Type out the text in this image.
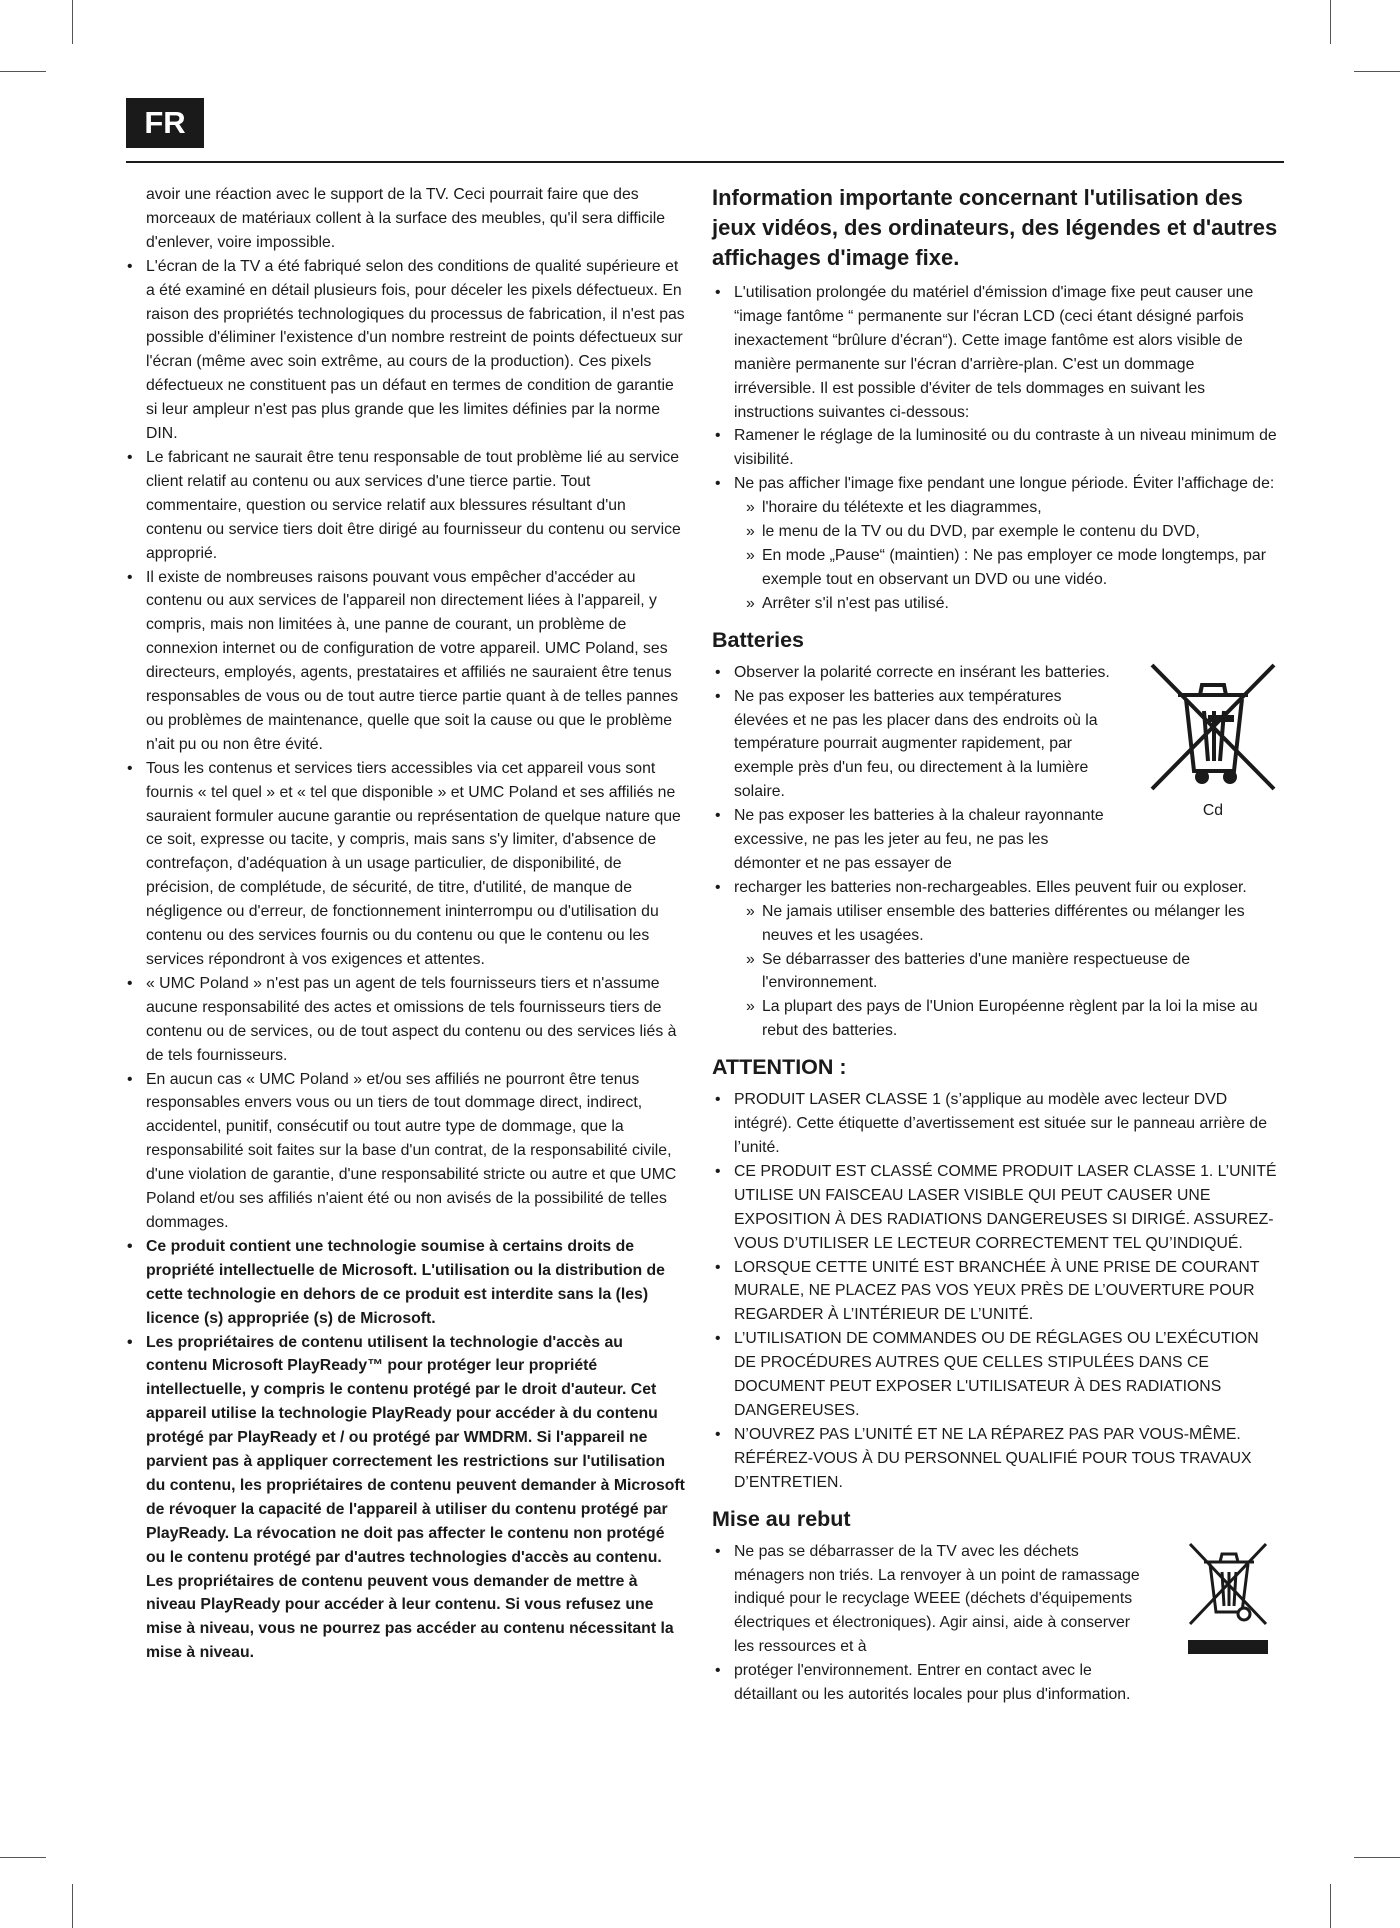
FR
avoir une réaction avec le support de la TV. Ceci pourrait faire que des morceaux de matériaux collent à la surface des meubles, qu'il sera difficile d'enlever, voire impossible.
• L'écran de la TV a été fabriqué selon des conditions de qualité supérieure et a été examiné en détail plusieurs fois, pour déceler les pixels défectueux. En raison des propriétés technologiques du processus de fabrication, il n'est pas possible d'éliminer l'existence d'un nombre restreint de points défectueux sur l'écran (même avec soin extrême, au cours de la production). Ces pixels défectueux ne constituent pas un défaut en termes de condition de garantie si leur ampleur n'est pas plus grande que les limites définies par la norme DIN.
• Le fabricant ne saurait être tenu responsable de tout problème lié au service client relatif au contenu ou aux services d'une tierce partie. Tout commentaire, question ou service relatif aux blessures résultant d'un contenu ou service tiers doit être dirigé au fournisseur du contenu ou service approprié.
• Il existe de nombreuses raisons pouvant vous empêcher d'accéder au contenu ou aux services de l'appareil non directement liées à l'appareil, y compris, mais non limitées à, une panne de courant, un problème de connexion internet ou de configuration de votre appareil. UMC Poland, ses directeurs, employés, agents, prestataires et affiliés ne sauraient être tenus responsables de vous ou de tout autre tierce partie quant à de telles pannes ou problèmes de maintenance, quelle que soit la cause ou que le problème n'ait pu ou non être évité.
• Tous les contenus et services tiers accessibles via cet appareil vous sont fournis « tel quel » et « tel que disponible » et UMC Poland et ses affiliés ne sauraient formuler aucune garantie ou représentation de quelque nature que ce soit, expresse ou tacite, y compris, mais sans s'y limiter, d'absence de contrefaçon, d'adéquation à un usage particulier, de disponibilité, de précision, de complétude, de sécurité, de titre, d'utilité, de manque de négligence ou d'erreur, de fonctionnement ininterrompu ou d'utilisation du contenu ou des services fournis ou du contenu ou que le contenu ou les services répondront à vos exigences et attentes.
• « UMC Poland » n'est pas un agent de tels fournisseurs tiers et n'assume aucune responsabilité des actes et omissions de tels fournisseurs tiers de contenu ou de services, ou de tout aspect du contenu ou des services liés à de tels fournisseurs.
• En aucun cas « UMC Poland » et/ou ses affiliés ne pourront être tenus responsables envers vous ou un tiers de tout dommage direct, indirect, accidentel, punitif, consécutif ou tout autre type de dommage, que la responsabilité soit faites sur la base d'un contrat, de la responsabilité civile, d'une violation de garantie, d'une responsabilité stricte ou autre et que UMC Poland et/ou ses affiliés n'aient été ou non avisés de la possibilité de telles dommages.
• Ce produit contient une technologie soumise à certains droits de propriété intellectuelle de Microsoft. L'utilisation ou la distribution de cette technologie en dehors de ce produit est interdite sans la (les) licence (s) appropriée (s) de Microsoft.
• Les propriétaires de contenu utilisent la technologie d'accès au contenu Microsoft PlayReady™ pour protéger leur propriété intellectuelle, y compris le contenu protégé par le droit d'auteur. Cet appareil utilise la technologie PlayReady pour accéder à du contenu protégé par PlayReady et / ou protégé par WMDRM. Si l'appareil ne parvient pas à appliquer correctement les restrictions sur l'utilisation du contenu, les propriétaires de contenu peuvent demander à Microsoft de révoquer la capacité de l'appareil à utiliser du contenu protégé par PlayReady. La révocation ne doit pas affecter le contenu non protégé ou le contenu protégé par d'autres technologies d'accès au contenu. Les propriétaires de contenu peuvent vous demander de mettre à niveau PlayReady pour accéder à leur contenu. Si vous refusez une mise à niveau, vous ne pourrez pas accéder au contenu nécessitant la mise à niveau.
Information importante concernant l'utilisation des jeux vidéos, des ordinateurs, des légendes et d'autres affichages d'image fixe.
• L'utilisation prolongée du matériel d'émission d'image fixe peut causer une “image fantôme “ permanente sur l'écran LCD (ceci étant désigné parfois inexactement “brûlure d'écran“). Cette image fantôme est alors visible de manière permanente sur l'écran d'arrière-plan. C'est un dommage irréversible. Il est possible d'éviter de tels dommages en suivant les instructions suivantes ci-dessous:
• Ramener le réglage de la luminosité ou du contraste à un niveau minimum de visibilité.
• Ne pas afficher l'image fixe pendant une longue période. Éviter l'affichage de:
» l'horaire du télétexte et les diagrammes,
» le menu de la TV ou du DVD, par exemple le contenu du DVD,
» En mode „Pause“ (maintien) : Ne pas employer ce mode longtemps, par exemple tout en observant un DVD ou une vidéo.
» Arrêter s'il n'est pas utilisé.
Batteries
Cd
• Observer la polarité correcte en insérant les batteries.
• Ne pas exposer les batteries aux températures élevées et ne pas les placer dans des endroits où la température pourrait augmenter rapidement, par exemple près d'un feu, ou directement à la lumière solaire.
• Ne pas exposer les batteries à la chaleur rayonnante excessive, ne pas les jeter au feu, ne pas les démonter et ne pas essayer de
• recharger les batteries non-rechargeables. Elles peuvent fuir ou exploser.
» Ne jamais utiliser ensemble des batteries différentes ou mélanger les neuves et les usagées.
» Se débarrasser des batteries d'une manière respectueuse de l'environnement.
» La plupart des pays de l'Union Européenne règlent par la loi la mise au rebut des batteries.
ATTENTION :
• PRODUIT LASER CLASSE 1 (s’applique au modèle avec lecteur DVD intégré). Cette étiquette d’avertissement est située sur le panneau arrière de l’unité.
• CE PRODUIT EST CLASSÉ COMME PRODUIT LASER CLASSE 1. L’UNITÉ UTILISE UN FAISCEAU LASER VISIBLE QUI PEUT CAUSER UNE EXPOSITION À DES RADIATIONS DANGEREUSES SI DIRIGÉ. ASSUREZ-VOUS D’UTILISER LE LECTEUR CORRECTEMENT TEL QU’INDIQUÉ.
• LORSQUE CETTE UNITÉ EST BRANCHÉE À UNE PRISE DE COURANT MURALE, NE PLACEZ PAS VOS YEUX PRÈS DE L’OUVERTURE POUR REGARDER À L’INTÉRIEUR DE L’UNITÉ.
• L’UTILISATION DE COMMANDES OU DE RÉGLAGES OU L’EXÉCUTION DE PROCÉDURES AUTRES QUE CELLES STIPULÉES DANS CE DOCUMENT PEUT EXPOSER L'UTILISATEUR À DES RADIATIONS DANGEREUSES.
• N’OUVREZ PAS L’UNITÉ ET NE LA RÉPAREZ PAS PAR VOUS-MÊME. RÉFÉREZ-VOUS À DU PERSONNEL QUALIFIÉ POUR TOUS TRAVAUX D’ENTRETIEN.
Mise au rebut
• Ne pas se débarrasser de la TV avec les déchets ménagers non triés. La renvoyer à un point de ramassage indiqué pour le recyclage WEEE (déchets d'équipements électriques et électroniques). Agir ainsi, aide à conserver les ressources et à
• protéger l'environnement. Entrer en contact avec le détaillant ou les autorités locales pour plus d'information.
